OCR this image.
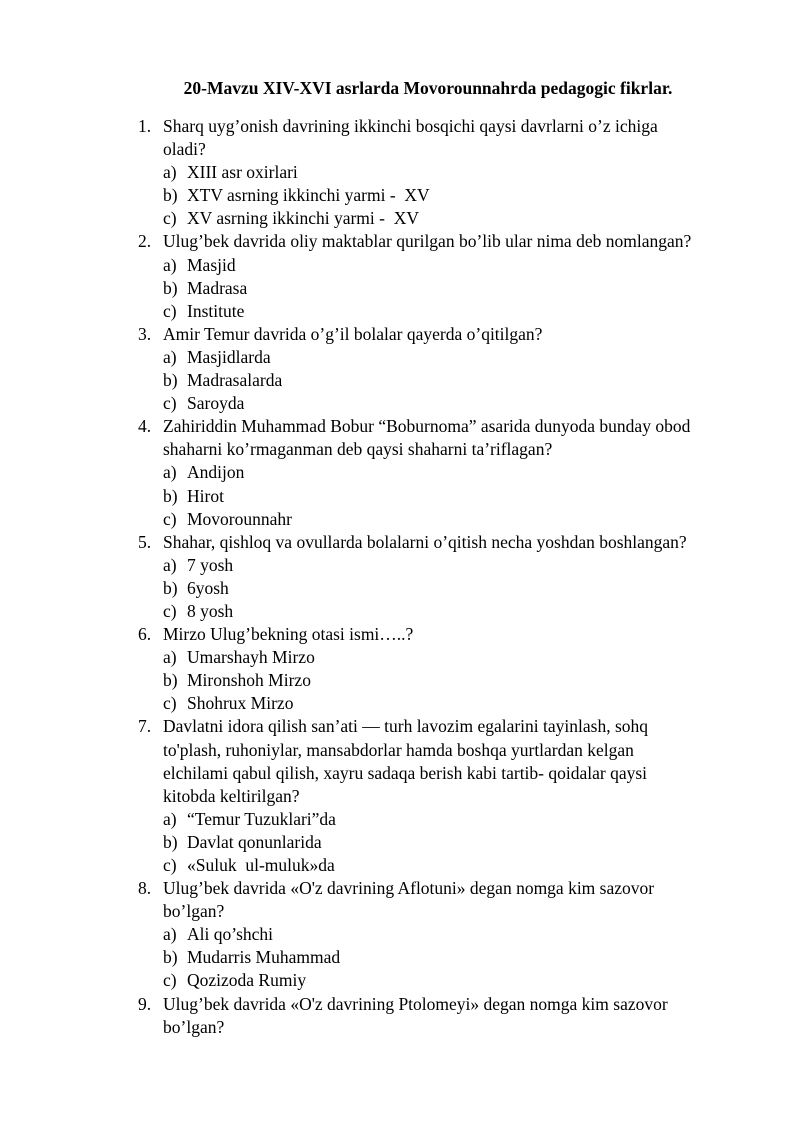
20-Mavzu XIV-XVI asrlarda Movorounnahrda pedagogic fikrlar.
1. Sharq uyg’onish davrining ikkinchi bosqichi qaysi davrlarni o’z ichiga
oladi?
a) XIII asr oxirlari
b) XTV asrning ikkinchi yarmi -  XV
c) XV asrning ikkinchi yarmi -  XV
2. Ulug’bek davrida oliy maktablar qurilgan bo’lib ular nima deb nomlangan?
a) Masjid
b) Madrasa
c) Institute
3. Amir Temur davrida o’g’il bolalar qayerda o’qitilgan?
a) Masjidlarda
b) Madrasalarda
c) Saroyda
4. Zahiriddin Muhammad Bobur “Boburnoma” asarida dunyoda bunday obod
shaharni ko’rmaganman deb qaysi shaharni ta’riflagan?
a) Andijon
b) Hirot
c) Movorounnahr
5. Shahar, qishloq va ovullarda bolalarni o’qitish necha yoshdan boshlangan?
a) 7 yosh
b) 6yosh
c) 8 yosh
6. Mirzo Ulug’bekning otasi ismi…..?
a) Umarshayh Mirzo
b) Mironshoh Mirzo
c) Shohrux Mirzo
7. Davlatni idora qilish san’ati — turh lavozim egalarini tayinlash, sohq
to'plash, ruhoniylar, mansabdorlar hamda boshqa yurtlardan kelgan
elchilami qabul qilish, xayru sadaqa berish kabi tartib- qoidalar qaysi
kitobda keltirilgan?
a) “Temur Tuzuklari”da
b) Davlat qonunlarida
c) «Suluk  ul-muluk»da
8. Ulug’bek davrida «O'z davrining Aflotuni» degan nomga kim sazovor
bo’lgan?
a) Ali qo’shchi
b) Mudarris Muhammad
c) Qozizoda Rumiy
9. Ulug’bek davrida «O'z davrining Ptolomeyi» degan nomga kim sazovor
bo’lgan?
